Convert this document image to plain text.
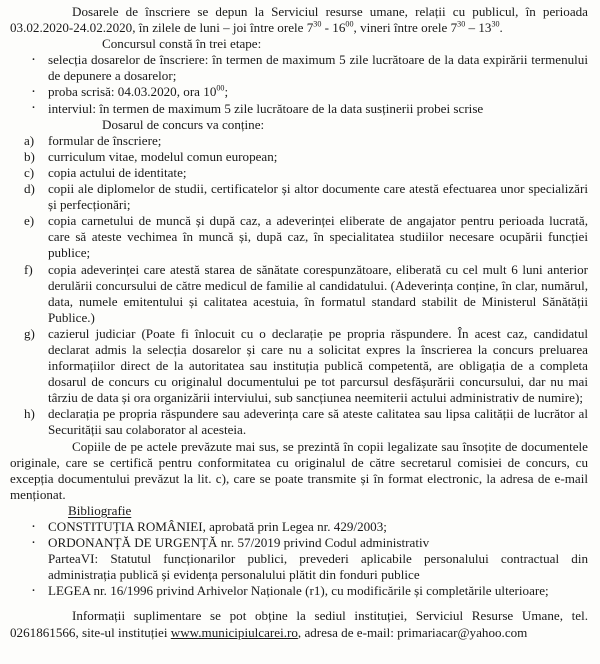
Dosarele de înscriere se depun la Serviciul resurse umane, relații cu publicul, în perioada 03.02.2020-24.02.2020, în zilele de luni – joi între orele $7^{30} - 16^{00}$, vineri între orele $7^{30} - 13^{30}$.

Concursul constă în trei etape:

· selecția dosarelor de înscriere: în termen de maximum 5 zile lucrătoare de la data expirării termenului de depunere a dosarelor;
· proba scrisă: 04.03.2020, ora $10^{00}$;
· interviul: în termen de maximum 5 zile lucrătoare de la data susținerii probei scrise

Dosarul de concurs va conține:

a)	formular de înscriere;
b) curriculum vitae, modelul comun european;
c)	copia actului de identitate;
d) copii ale diplomelor de studii, certificatelor și altor documente care atestă efectuarea unor specializări și perfecționări;
e)	copia carnetului de muncă și după caz, a adeverinței eliberate de angajator pentru perioada lucrată, care să ateste vechimea în muncă și, după caz, în specialitatea studiilor necesare ocupării funcției publice;
f)	copia adeverinței care atestă starea de sănătate corespunzătoare, eliberată cu cel mult 6 luni anterior derulării concursului de către medicul de familie al candidatului. (Adeverința conține, în clar, numărul, data, numele emitentului și calitatea acestuia, în formatul standard stabilit de Ministerul Sănătății Publice.)
g) cazierul judiciar (Poate fi înlocuit cu o declarație pe propria răspundere. În acest caz, candidatul declarat admis la selecția dosarelor și care nu a solicitat expres la înscrierea la concurs preluarea informațiilor direct de la autoritatea sau instituția publică competentă, are obligația de a completa dosarul de concurs cu originalul documentului pe tot parcursul desfășurării concursului, dar nu mai târziu de data și ora organizării interviului, sub sancțiunea neemiterii actului administrativ de numire);
h) declarația pe propria răspundere sau adeverința care să ateste calitatea sau lipsa calității de lucrător al Securității sau colaborator al acesteia.

Copiile de pe actele prevăzute mai sus, se prezintă în copii legalizate sau însoțite de documentele originale, care se certifică pentru conformitatea cu originalul de către secretarul comisiei de concurs, cu excepția documentului prevăzut la lit. c), care se poate transmite și în format electronic, la adresa de e-mail menționat.

Bibliografie

· CONSTITUȚIA ROMÂNIEI, aprobată prin Legea nr. 429/2003;
· ORDONANȚĂ DE URGENȚĂ nr. 57/2019 privind Codul administrativ
ParteaVI: Statutul funcționarilor publici, prevederi aplicabile personalului contractual din administrația publică și evidența personalului plătit din fonduri publice
· LEGEA nr. 16/1996 privind Arhivelor Naționale (r1), cu modificările și completările ulterioare;

Informații suplimentare se pot obține la sediul instituției, Serviciul Resurse Umane, tel. 0261861566, site-ul instituției www.municipiulcarei.ro, adresa de e-mail: primariacar@yahoo.com
